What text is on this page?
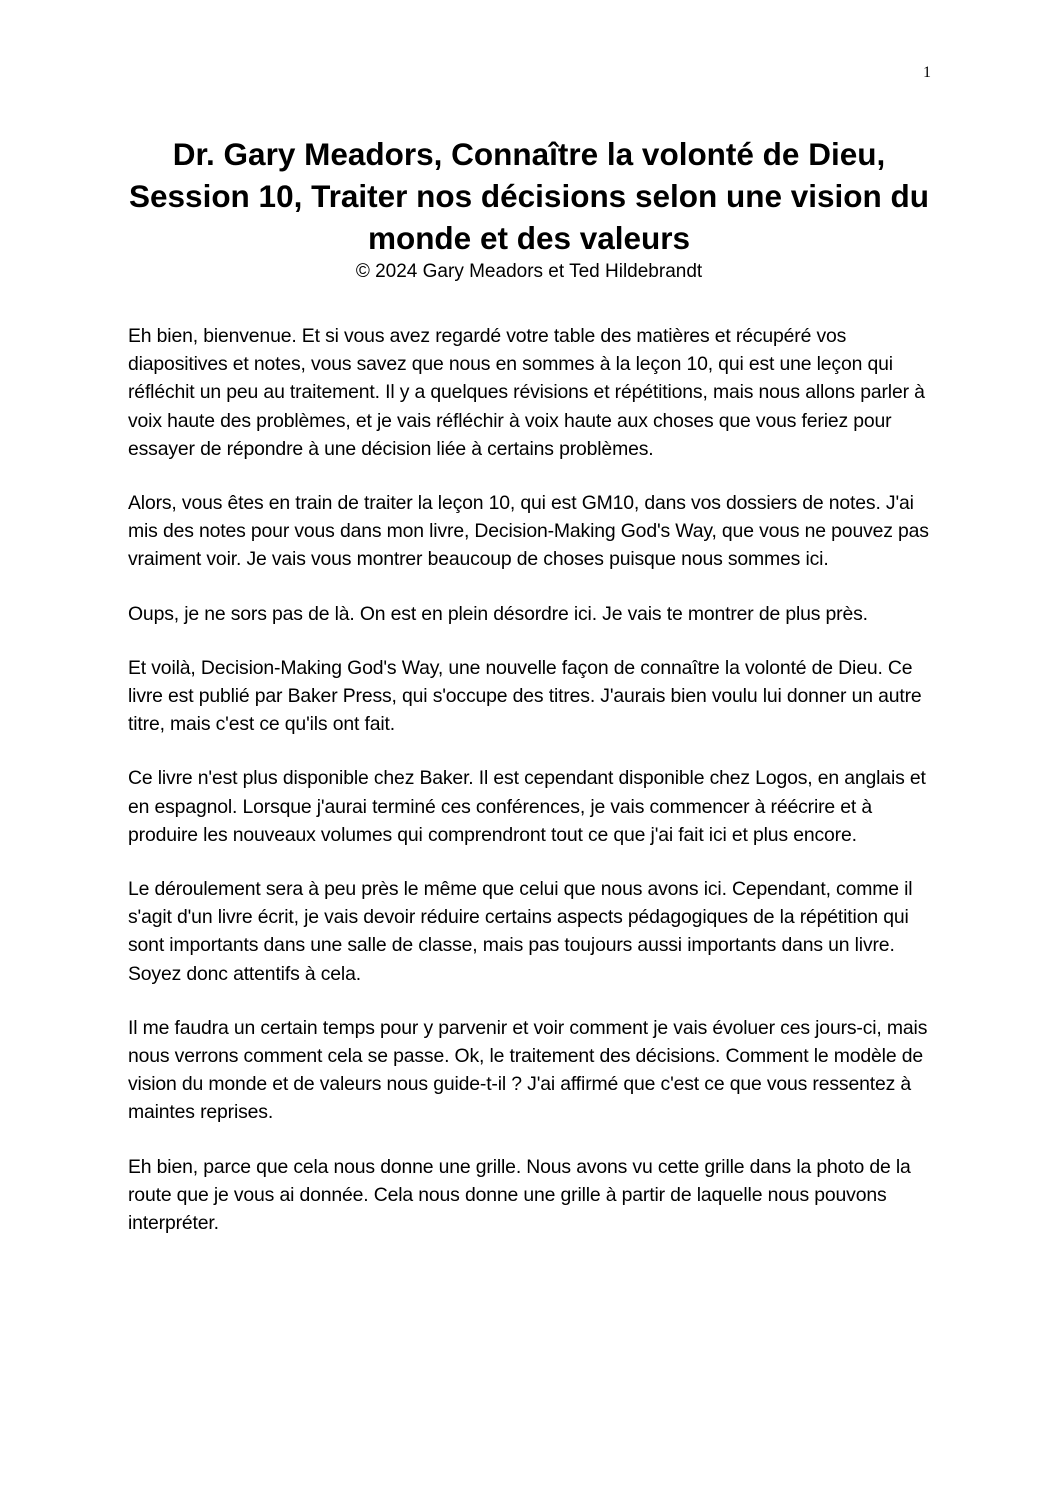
1
Dr. Gary Meadors, Connaître la volonté de Dieu, Session 10, Traiter nos décisions selon une vision du monde et des valeurs

© 2024 Gary Meadors et Ted Hildebrandt

Eh bien, bienvenue. Et si vous avez regardé votre table des matières et récupéré vos diapositives et notes, vous savez que nous en sommes à la leçon 10, qui est une leçon qui réfléchit un peu au traitement. Il y a quelques révisions et répétitions, mais nous allons parler à voix haute des problèmes, et je vais réfléchir à voix haute aux choses que vous feriez pour essayer de répondre à une décision liée à certains problèmes.

Alors, vous êtes en train de traiter la leçon 10, qui est GM10, dans vos dossiers de notes. J'ai mis des notes pour vous dans mon livre, Decision-Making God's Way, que vous ne pouvez pas vraiment voir. Je vais vous montrer beaucoup de choses puisque nous sommes ici.

Oups, je ne sors pas de là. On est en plein désordre ici. Je vais te montrer de plus près.

Et voilà, Decision-Making God's Way, une nouvelle façon de connaître la volonté de Dieu. Ce livre est publié par Baker Press, qui s'occupe des titres. J'aurais bien voulu lui donner un autre titre, mais c'est ce qu'ils ont fait.

Ce livre n'est plus disponible chez Baker. Il est cependant disponible chez Logos, en anglais et en espagnol. Lorsque j'aurai terminé ces conférences, je vais commencer à réécrire et à produire les nouveaux volumes qui comprendront tout ce que j'ai fait ici et plus encore.

Le déroulement sera à peu près le même que celui que nous avons ici. Cependant, comme il s'agit d'un livre écrit, je vais devoir réduire certains aspects pédagogiques de la répétition qui sont importants dans une salle de classe, mais pas toujours aussi importants dans un livre. Soyez donc attentifs à cela.

Il me faudra un certain temps pour y parvenir et voir comment je vais évoluer ces jours-ci, mais nous verrons comment cela se passe. Ok, le traitement des décisions. Comment le modèle de vision du monde et de valeurs nous guide-t-il ? J'ai affirmé que c'est ce que vous ressentez à maintes reprises.

Eh bien, parce que cela nous donne une grille. Nous avons vu cette grille dans la photo de la route que je vous ai donnée. Cela nous donne une grille à partir de laquelle nous pouvons interpréter.
